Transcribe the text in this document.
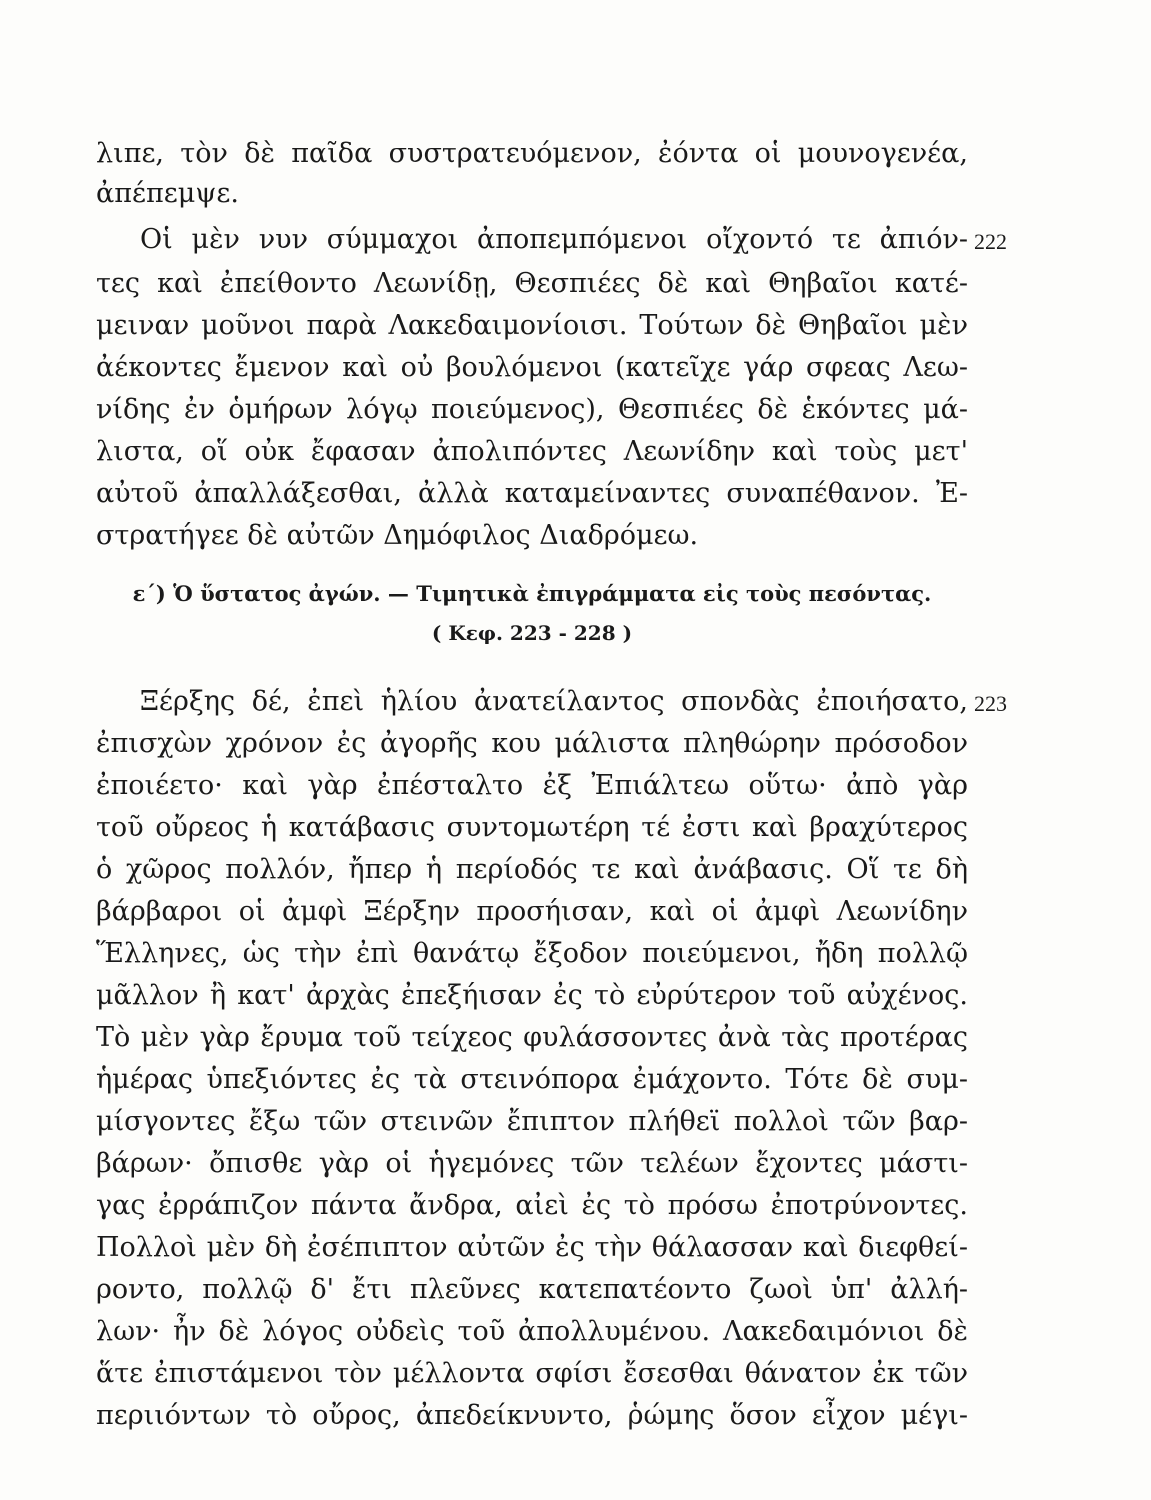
λιπε, τὸν δὲ παῖδα συστρατευόμενον, ἐόντα οἱ μουνογενέα,
ἀπέπεμψε.
Οἱ μὲν νυν σύμμαχοι ἀποπεμπόμενοι οἴχοντό τε ἀπιόν- 222
τες καὶ ἐπείθοντο Λεωνίδῃ, Θεσπιέες δὲ καὶ Θηβαῖοι κατέ-
μειναν μοῦνοι παρὰ Λακεδαιμονίοισι. Τούτων δὲ Θηβαῖοι μὲν
ἀέκοντες ἔμενον καὶ οὐ βουλόμενοι (κατεῖχε γάρ σφεας Λεω-
νίδης ἐν ὁμήρων λόγῳ ποιεύμενος), Θεσπιέες δὲ ἑκόντες μά-
λιστα, οἵ οὐκ ἔφασαν ἀπολιπόντες Λεωνίδην καὶ τοὺς μετ'
αὐτοῦ ἀπαλλάξεσθαι, ἀλλὰ καταμείναντες συναπέθανον. Ἐ-
στρατήγεε δὲ αὐτῶν Δημόφιλος Διαδρόμεω.
ε΄) Ὁ ὕστατος ἀγών. — Τιμητικὰ ἐπιγράμματα εἰς τοὺς πεσόντας.
( Κεφ. 223 - 228 )
Ξέρξης δέ, ἐπεὶ ἡλίου ἀνατείλαντος σπονδὰς ἐποιήσατο, 223
ἐπισχὼν χρόνον ἐς ἀγορῆς κου μάλιστα πληθώρην πρόσοδον
ἐποιέετο· καὶ γὰρ ἐπέσταλτο ἐξ Ἐπιάλτεω οὕτω· ἀπὸ γὰρ
τοῦ οὔρεος ἡ κατάβασις συντομωτέρη τέ ἐστι καὶ βραχύτερος
ὁ χῶρος πολλόν, ἤπερ ἡ περίοδός τε καὶ ἀνάβασις. Οἵ τε δὴ
βάρβαροι οἱ ἀμφὶ Ξέρξην προσήισαν, καὶ οἱ ἀμφὶ Λεωνίδην
Ἕλληνες, ὡς τὴν ἐπὶ θανάτῳ ἔξοδον ποιεύμενοι, ἤδη πολλῷ
μᾶλλον ἢ κατ' ἀρχὰς ἐπεξήισαν ἐς τὸ εὐρύτερον τοῦ αὐχένος.
Τὸ μὲν γὰρ ἔρυμα τοῦ τείχεος φυλάσσοντες ἀνὰ τὰς προτέρας
ἡμέρας ὑπεξιόντες ἐς τὰ στεινόπορα ἐμάχοντο. Τότε δὲ συμ-
μίσγοντες ἔξω τῶν στεινῶν ἔπιπτον πλήθεϊ πολλοὶ τῶν βαρ-
βάρων· ὄπισθε γὰρ οἱ ἡγεμόνες τῶν τελέων ἔχοντες μάστι-
γας ἐρράπιζον πάντα ἄνδρα, αἰεὶ ἐς τὸ πρόσω ἐποτρύνοντες.
Πολλοὶ μὲν δὴ ἐσέπιπτον αὐτῶν ἐς τὴν θάλασσαν καὶ διεφθεί-
ροντο, πολλῷ δ' ἔτι πλεῦνες κατεπατέοντο ζωοὶ ὑπ' ἀλλή-
λων· ἦν δὲ λόγος οὐδεὶς τοῦ ἀπολλυμένου. Λακεδαιμόνιοι δὲ
ἅτε ἐπιστάμενοι τὸν μέλλοντα σφίσι ἔσεσθαι θάνατον ἐκ τῶν
περιιόντων τὸ οὔρος, ἀπεδείκνυντο, ῥώμης ὅσον εἶχον μέγι-
